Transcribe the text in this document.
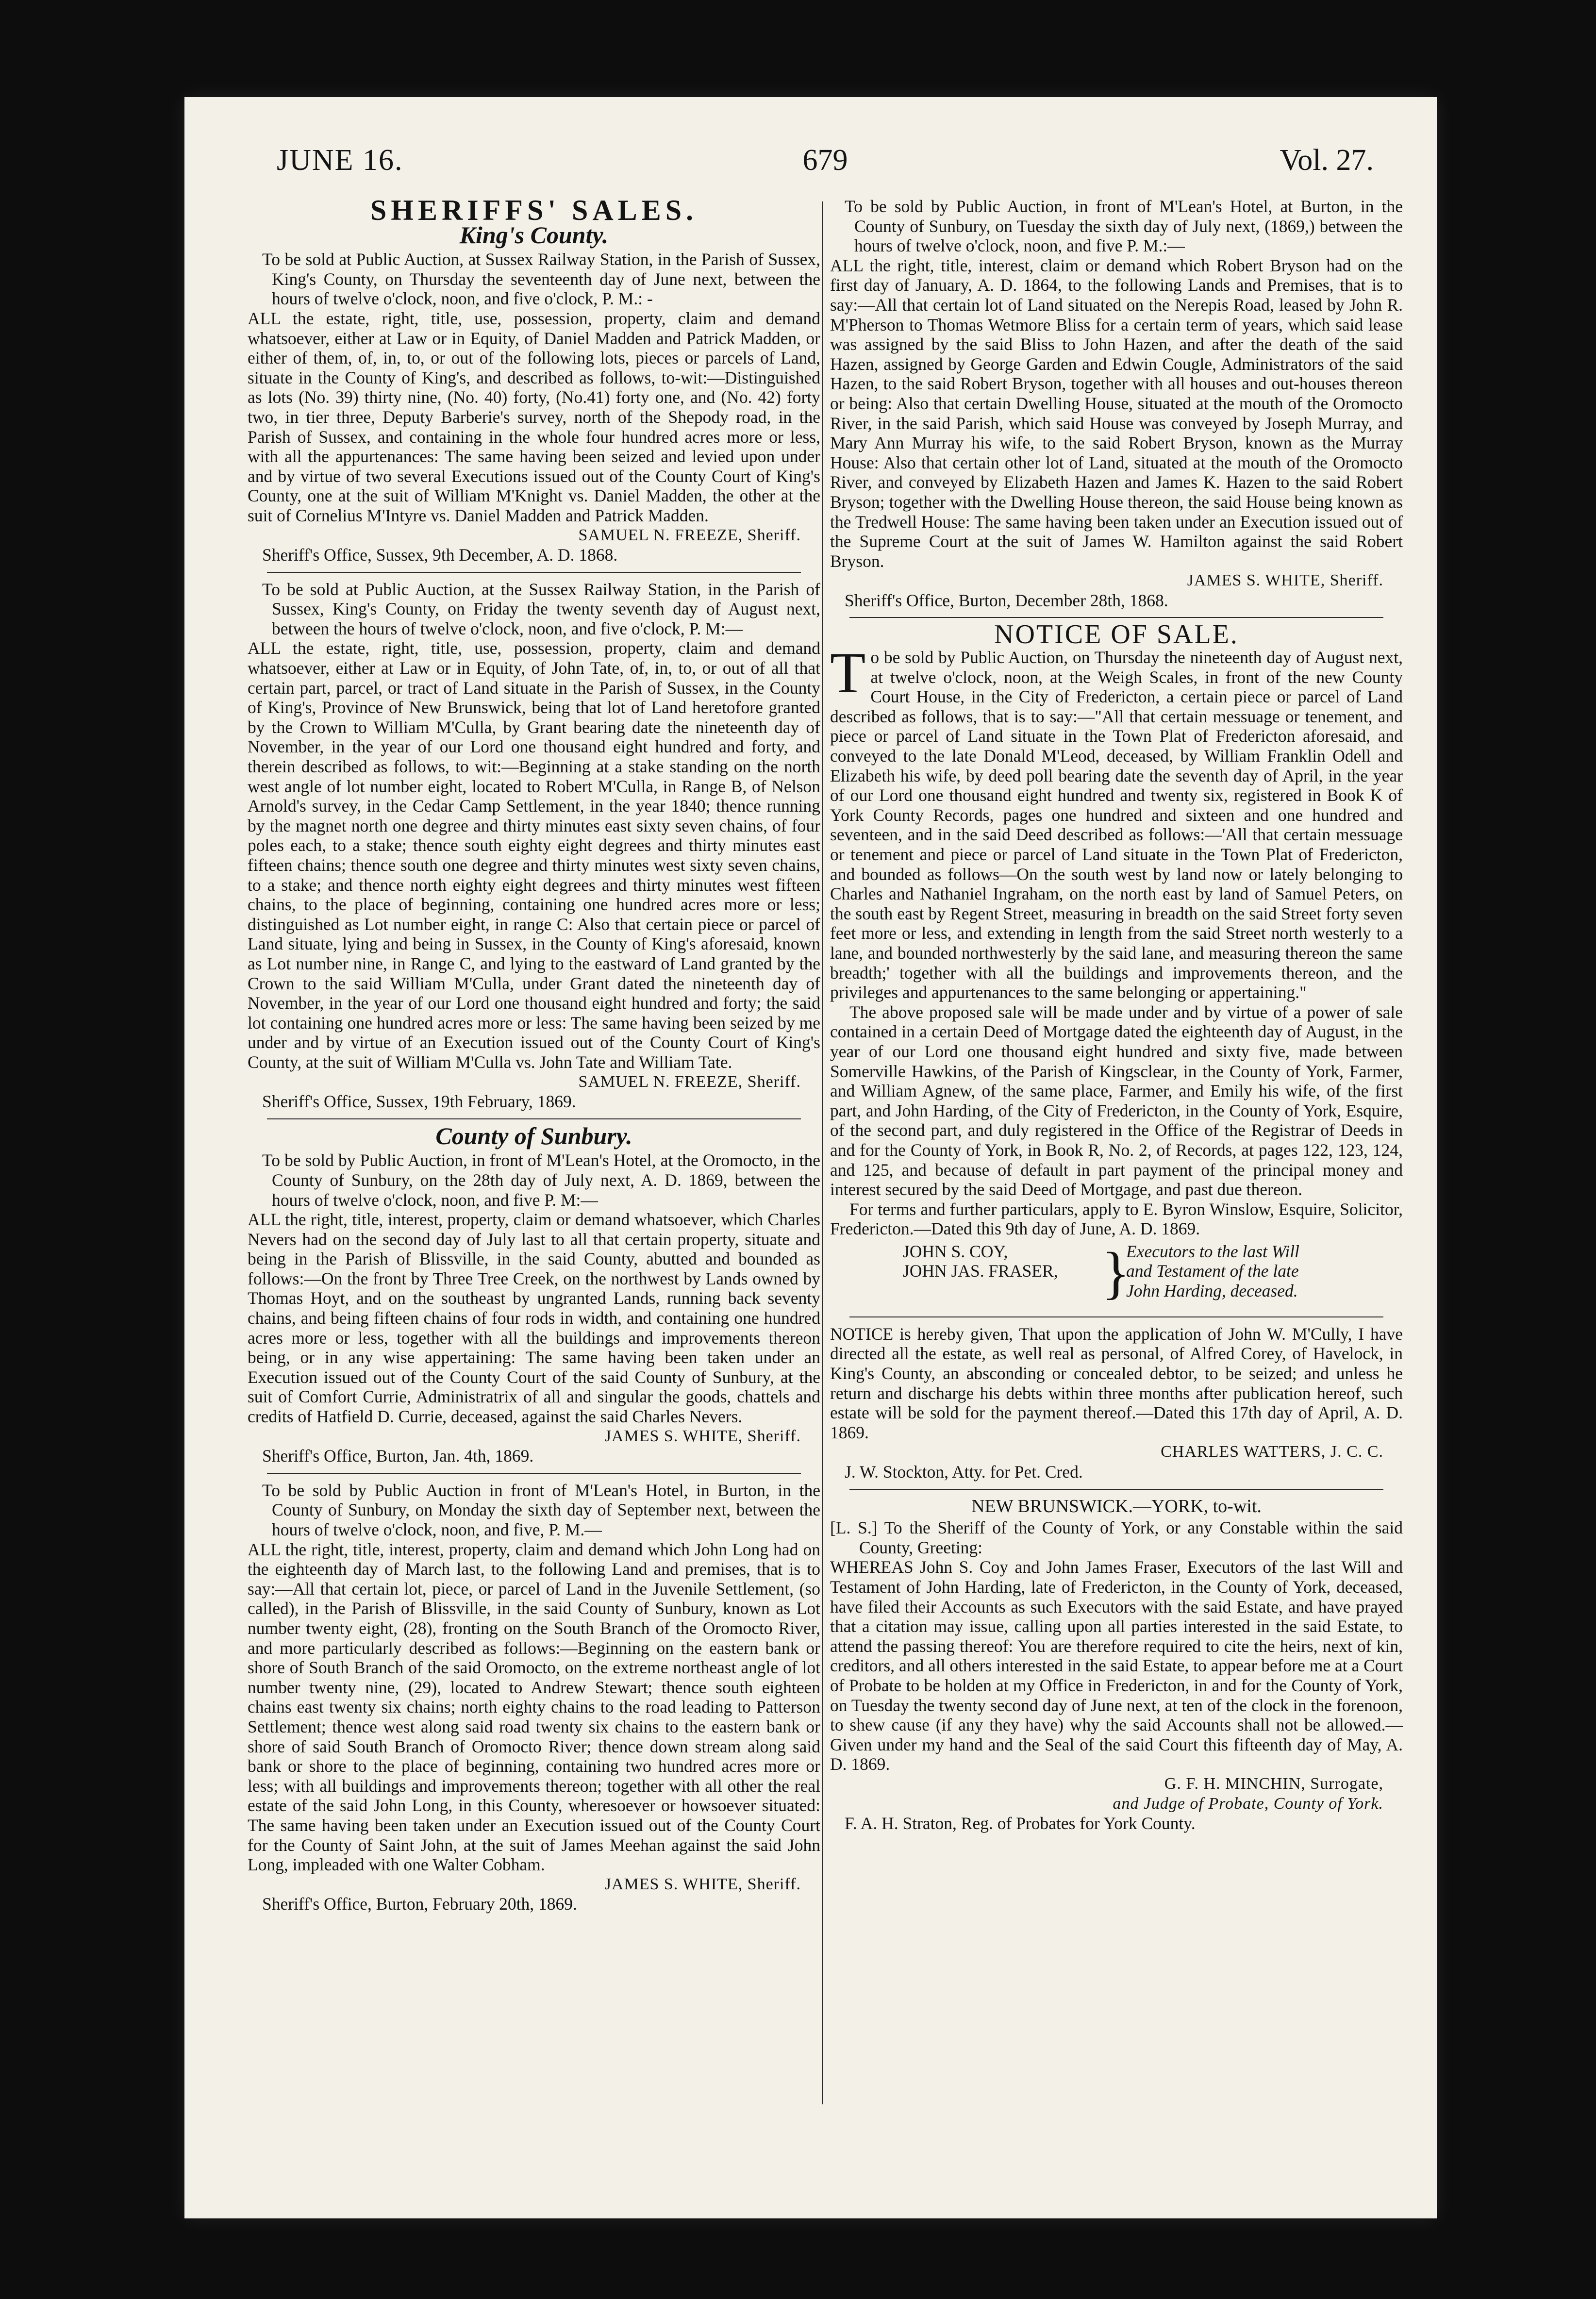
JUNE 16.	679	Vol. 27.
SHERIFFS' SALES.
King's County.

To be sold at Public Auction, at Sussex Railway Station, in the Parish of Sussex, King's County, on Thursday the seventeenth day of June next, between the hours of twelve o'clock, noon, and five o'clock, P. M.: -

ALL the estate, right, title, use, possession, property, claim and demand whatsoever, either at Law or in Equity, of Daniel Madden and Patrick Madden, or either of them, of, in, to, or out of the following lots, pieces or parcels of Land, situate in the County of King's, and described as follows, to-wit:—Distinguished as lots (No. 39) thirty nine, (No. 40) forty, (No.41) forty one, and (No. 42) forty two, in tier three, Deputy Barberie's survey, north of the Shepody road, in the Parish of Sussex, and containing in the whole four hundred acres more or less, with all the appurtenances: The same having been seized and levied upon under and by virtue of two several Executions issued out of the County Court of King's County, one at the suit of William M'Knight vs. Daniel Madden, the other at the suit of Cornelius M'Intyre vs. Daniel Madden and Patrick Madden.

SAMUEL N. FREEZE, Sheriff.

Sheriff's Office, Sussex, 9th December, A. D. 1868.

To be sold at Public Auction, at the Sussex Railway Station, in the Parish of Sussex, King's County, on Friday the twenty seventh day of August next, between the hours of twelve o'clock, noon, and five o'clock, P. M:—

ALL the estate, right, title, use, possession, property, claim and demand whatsoever, either at Law or in Equity, of John Tate, of, in, to, or out of all that certain part, parcel, or tract of Land situate in the Parish of Sussex, in the County of King's, Province of New Brunswick, being that lot of Land heretofore granted by the Crown to William M'Culla, by Grant bearing date the nineteenth day of November, in the year of our Lord one thousand eight hundred and forty, and therein described as follows, to wit:—Beginning at a stake standing on the north west angle of lot number eight, located to Robert M'Culla, in Range B, of Nelson Arnold's survey, in the Cedar Camp Settlement, in the year 1840; thence running by the magnet north one degree and thirty minutes east sixty seven chains, of four poles each, to a stake; thence south eighty eight degrees and thirty minutes east fifteen chains; thence south one degree and thirty minutes west sixty seven chains, to a stake; and thence north eighty eight degrees and thirty minutes west fifteen chains, to the place of beginning, containing one hundred acres more or less; distinguished as Lot number eight, in range C: Also that certain piece or parcel of Land situate, lying and being in Sussex, in the County of King's aforesaid, known as Lot number nine, in Range C, and lying to the eastward of Land granted by the Crown to the said William M'Culla, under Grant dated the nineteenth day of November, in the year of our Lord one thousand eight hundred and forty; the said lot containing one hundred acres more or less: The same having been seized by me under and by virtue of an Execution issued out of the County Court of King's County, at the suit of William M'Culla vs. John Tate and William Tate.

SAMUEL N. FREEZE, Sheriff.

Sheriff's Office, Sussex, 19th February, 1869.

County of Sunbury.

To be sold by Public Auction, in front of M'Lean's Hotel, at the Oromocto, in the County of Sunbury, on the 28th day of July next, A. D. 1869, between the hours of twelve o'clock, noon, and five P. M:—

ALL the right, title, interest, property, claim or demand whatsoever, which Charles Nevers had on the second day of July last to all that certain property, situate and being in the Parish of Blissville, in the said County, abutted and bounded as follows:—On the front by Three Tree Creek, on the northwest by Lands owned by Thomas Hoyt, and on the southeast by ungranted Lands, running back seventy chains, and being fifteen chains of four rods in width, and containing one hundred acres more or less, together with all the buildings and improvements thereon being, or in any wise appertaining: The same having been taken under an Execution issued out of the County Court of the said County of Sunbury, at the suit of Comfort Currie, Administratrix of all and singular the goods, chattels and credits of Hatfield D. Currie, deceased, against the said Charles Nevers.

JAMES S. WHITE, Sheriff.

Sheriff's Office, Burton, Jan. 4th, 1869.

To be sold by Public Auction in front of M'Lean's Hotel, in Burton, in the County of Sunbury, on Monday the sixth day of September next, between the hours of twelve o'clock, noon, and five, P. M.—

ALL the right, title, interest, property, claim and demand which John Long had on the eighteenth day of March last, to the following Land and premises, that is to say:—All that certain lot, piece, or parcel of Land in the Juvenile Settlement, (so called), in the Parish of Blissville, in the said County of Sunbury, known as Lot number twenty eight, (28), fronting on the South Branch of the Oromocto River, and more particularly described as follows:—Beginning on the eastern bank or shore of South Branch of the said Oromocto, on the extreme northeast angle of lot number twenty nine, (29), located to Andrew Stewart; thence south eighteen chains east twenty six chains; north eighty chains to the road leading to Patterson Settlement; thence west along said road twenty six chains to the eastern bank or shore of said South Branch of Oromocto River; thence down stream along said bank or shore to the place of beginning, containing two hundred acres more or less; with all buildings and improvements thereon; together with all other the real estate of the said John Long, in this County, wheresoever or howsoever situated: The same having been taken under an Execution issued out of the County Court for the County of Saint John, at the suit of James Meehan against the said John Long, impleaded with one Walter Cobham.

JAMES S. WHITE, Sheriff.

Sheriff's Office, Burton, February 20th, 1869.

To be sold by Public Auction, in front of M'Lean's Hotel, at Burton, in the County of Sunbury, on Tuesday the sixth day of July next, (1869,) between the hours of twelve o'clock, noon, and five P. M.:—

ALL the right, title, interest, claim or demand which Robert Bryson had on the first day of January, A. D. 1864, to the following Lands and Premises, that is to say:—All that certain lot of Land situated on the Nerepis Road, leased by John R. M'Pherson to Thomas Wetmore Bliss for a certain term of years, which said lease was assigned by the said Bliss to John Hazen, and after the death of the said Hazen, assigned by George Garden and Edwin Cougle, Administrators of the said Hazen, to the said Robert Bryson, together with all houses and out-houses thereon or being: Also that certain Dwelling House, situated at the mouth of the Oromocto River, in the said Parish, which said House was conveyed by Joseph Murray, and Mary Ann Murray his wife, to the said Robert Bryson, known as the Murray House: Also that certain other lot of Land, situated at the mouth of the Oromocto River, and conveyed by Elizabeth Hazen and James K. Hazen to the said Robert Bryson; together with the Dwelling House thereon, the said House being known as the Tredwell House: The same having been taken under an Execution issued out of the Supreme Court at the suit of James W. Hamilton against the said Robert Bryson.

JAMES S. WHITE, Sheriff.

Sheriff's Office, Burton, December 28th, 1868.

NOTICE OF SALE.

To be sold by Public Auction, on Thursday the nineteenth day of August next, at twelve o'clock, noon, at the Weigh Scales, in front of the new County Court House, in the City of Fredericton, a certain piece or parcel of Land described as follows, that is to say:—"All that certain messuage or tenement, and piece or parcel of Land situate in the Town Plat of Fredericton aforesaid, and conveyed to the late Donald M'Leod, deceased, by William Franklin Odell and Elizabeth his wife, by deed poll bearing date the seventh day of April, in the year of our Lord one thousand eight hundred and twenty six, registered in Book K of York County Records, pages one hundred and sixteen and one hundred and seventeen, and in the said Deed described as follows:—'All that certain messuage or tenement and piece or parcel of Land situate in the Town Plat of Fredericton, and bounded as follows—On the south west by land now or lately belonging to Charles and Nathaniel Ingraham, on the north east by land of Samuel Peters, on the south east by Regent Street, measuring in breadth on the said Street forty seven feet more or less, and extending in length from the said Street north westerly to a lane, and bounded northwesterly by the said lane, and measuring thereon the same breadth;' together with all the buildings and improvements thereon, and the privileges and appurtenances to the same belonging or appertaining."

The above proposed sale will be made under and by virtue of a power of sale contained in a certain Deed of Mortgage dated the eighteenth day of August, in the year of our Lord one thousand eight hundred and sixty five, made between Somerville Hawkins, of the Parish of Kingsclear, in the County of York, Farmer, and William Agnew, of the same place, Farmer, and Emily his wife, of the first part, and John Harding, of the City of Fredericton, in the County of York, Esquire, of the second part, and duly registered in the Office of the Registrar of Deeds in and for the County of York, in Book R, No. 2, of Records, at pages 122, 123, 124, and 125, and because of default in part payment of the principal money and interest secured by the said Deed of Mortgage, and past due thereon.

For terms and further particulars, apply to E. Byron Winslow, Esquire, Solicitor, Fredericton.—Dated this 9th day of June, A. D. 1869.

JOHN S. COY,
JOHN JAS. FRASER, }
Executors to the last Will
and Testament of the late
John Harding, deceased.

NOTICE is hereby given, That upon the application of John W. M'Cully, I have directed all the estate, as well real as personal, of Alfred Corey, of Havelock, in King's County, an absconding or concealed debtor, to be seized; and unless he return and discharge his debts within three months after publication hereof, such estate will be sold for the payment thereof.—Dated this 17th day of April, A. D. 1869.

CHARLES WATTERS, J. C. C.

J. W. Stockton, Atty. for Pet. Cred.

NEW BRUNSWICK.—YORK, to-wit.

[L. S.] To the Sheriff of the County of York, or any Constable within the said County, Greeting:

WHEREAS John S. Coy and John James Fraser, Executors of the last Will and Testament of John Harding, late of Fredericton, in the County of York, deceased, have filed their Accounts as such Executors with the said Estate, and have prayed that a citation may issue, calling upon all parties interested in the said Estate, to attend the passing thereof: You are therefore required to cite the heirs, next of kin, creditors, and all others interested in the said Estate, to appear before me at a Court of Probate to be holden at my Office in Fredericton, in and for the County of York, on Tuesday the twenty second day of June next, at ten of the clock in the forenoon, to shew cause (if any they have) why the said Accounts shall not be allowed.—Given under my hand and the Seal of the said Court this fifteenth day of May, A. D. 1869.

G. F. H. MINCHIN, Surrogate,

and Judge of Probate, County of York.

F. A. H. Straton, Reg. of Probates for York County.
